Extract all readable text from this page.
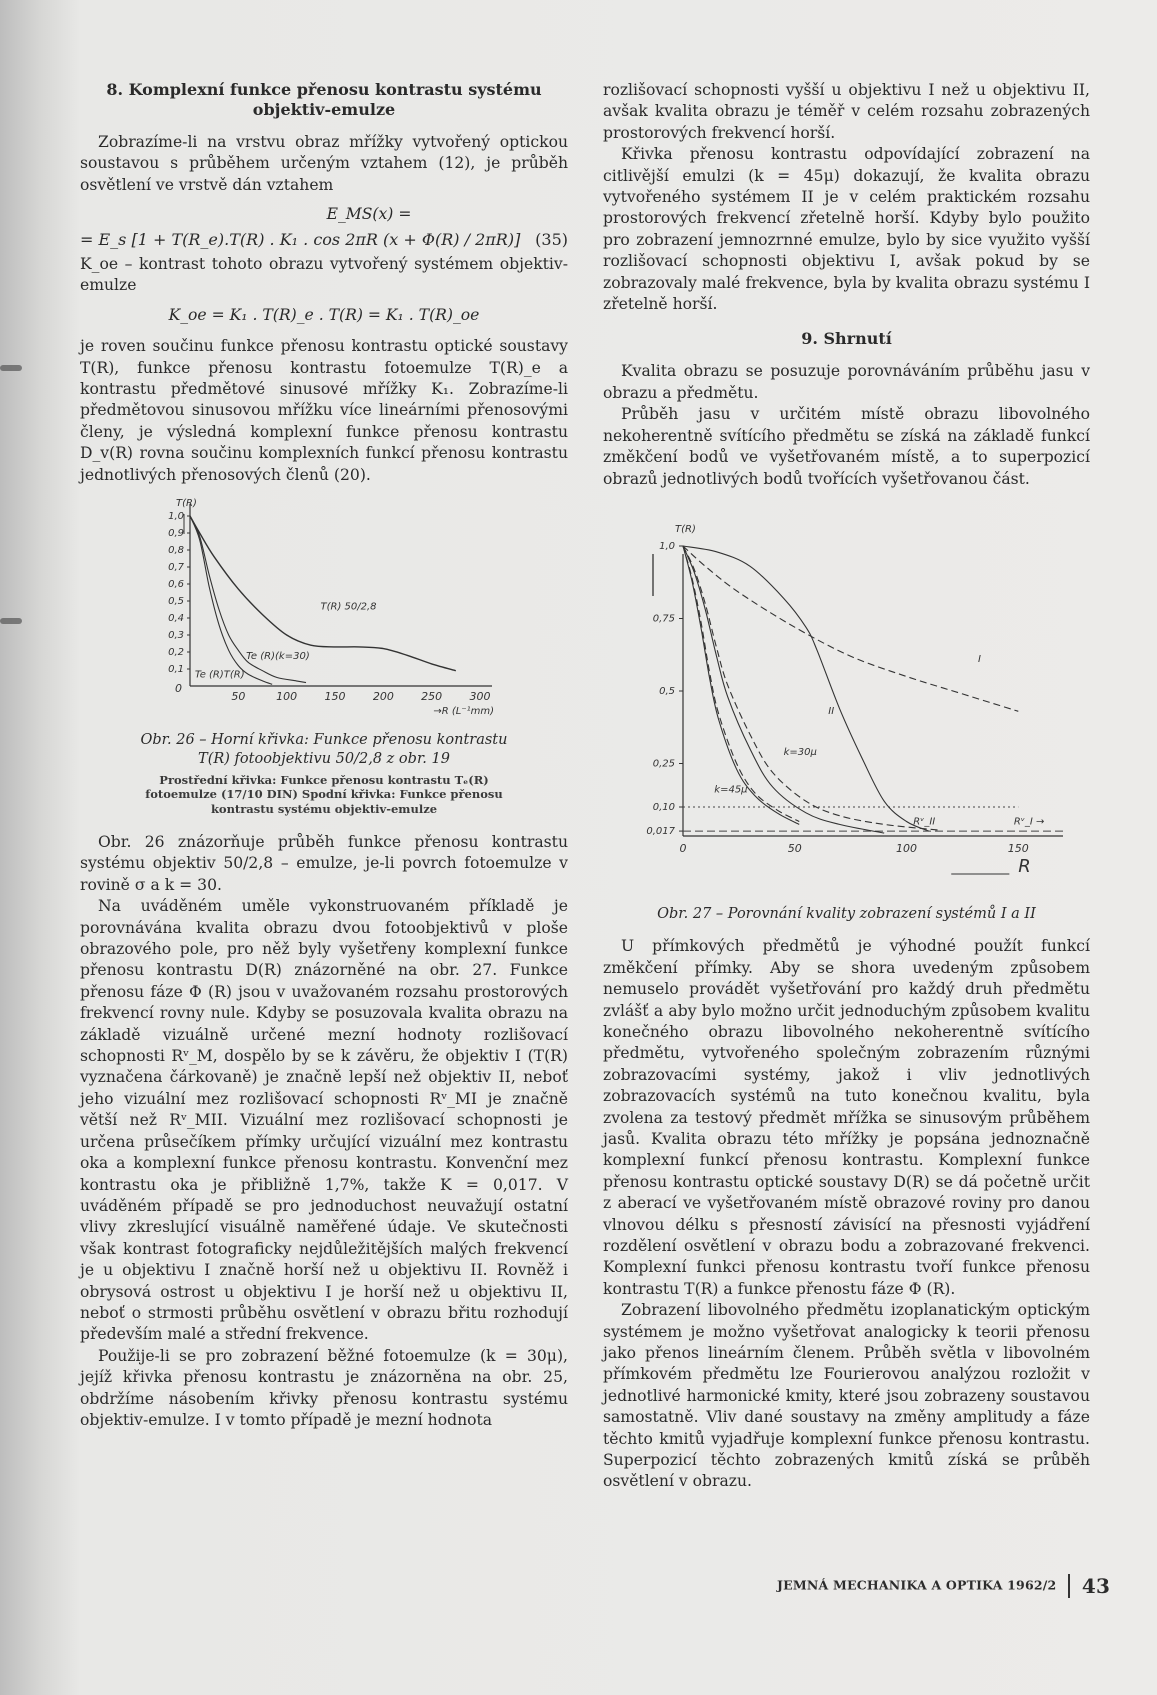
8. Komplexní funkce přenosu kontrastu systému objektiv-emulze

Zobrazíme-li na vrstvu obraz mřížky vytvořený optickou soustavou s průběhem určeným vztahem (12), je průběh osvětlení ve vrstvě dán vztahem

E_MS(x) =
= E_s [1 + T(R_e).T(R) . K₁ . cos 2πR (x + Φ(R) / 2πR)] (35)

K_oe – kontrast tohoto obrazu vytvořený systémem objektiv-emulze

K_oe = K₁ . T(R)_e . T(R) = K₁ . T(R)_oe

je roven součinu funkce přenosu kontrastu optické soustavy T(R), funkce přenosu kontrastu fotoemulze T(R)_e a kontrastu předmětové sinusové mřížky K₁. Zobrazíme-li předmětovou sinusovou mřížku více lineárními přenosovými členy, je výsledná komplexní funkce přenosu kontrastu D_v(R) rovna součinu komplexních funkcí přenosu kontrastu jednotlivých přenosových členů (20).

0,1
0,2
0,3
0,4
0,5
0,6
0,7
0,8
0,9
1,0
0
50	100 150 200 250 300
T(R)
→R (L⁻¹mm)
T(R) 50/2,8
Te (R)(k=30)
Te (R)T(R)
Obr. 26 – Horní křivka: Funkce přenosu kontrastu T(R) fotoobjektivu 50/2,8 z obr. 19
Prostřední křivka: Funkce přenosu kontrastu Tₑ(R) fotoemulze (17/10 DIN) Spodní křivka: Funkce přenosu kontrastu systému objektiv-emulze

Obr. 26 znázorňuje průběh funkce přenosu kontrastu systému objektiv 50/2,8 – emulze, je-li povrch fotoemulze v rovině σ a k = 30.

Na uváděném uměle vykonstruovaném příkladě je porovnávána kvalita obrazu dvou fotoobjektivů v ploše obrazového pole, pro něž byly vyšetřeny komplexní funkce přenosu kontrastu D(R) znázorněné na obr. 27. Funkce přenosu fáze Φ (R) jsou v uvažovaném rozsahu prostorových frekvencí rovny nule. Kdyby se posuzovala kvalita obrazu na základě vizuálně určené mezní hodnoty rozlišovací schopnosti Rᵛ_M, dospělo by se k závěru, že objektiv I (T(R) vyznačena čárkovaně) je značně lepší než objektiv II, neboť jeho vizuální mez rozlišovací schopnosti Rᵛ_MI je značně větší než Rᵛ_MII. Vizuální mez rozlišovací schopnosti je určena průsečíkem přímky určující vizuální mez kontrastu oka a komplexní funkce přenosu kontrastu. Konvenční mez kontrastu oka je přibližně 1,7%, takže K = 0,017. V uváděném případě se pro jednoduchost neuvažují ostatní vlivy zkreslující visuálně naměřené údaje. Ve skutečnosti však kontrast fotograficky nejdůležitějších malých frekvencí je u objektivu I značně horší než u objektivu II. Rovněž i obrysová ostrost u objektivu I je horší než u objektivu II, neboť o strmosti průběhu osvětlení v obrazu břitu rozhodují především malé a střední frekvence.

Použije-li se pro zobrazení běžné fotoemulze (k = 30μ), jejíž křivka přenosu kontrastu je znázorněna na obr. 25, obdržíme násobením křivky přenosu kontrastu systému objektiv-emulze. I v tomto případě je mezní hodnota

rozlišovací schopnosti vyšší u objektivu I než u objektivu II, avšak kvalita obrazu je téměř v celém rozsahu zobrazených prostorových frekvencí horší.

Křivka přenosu kontrastu odpovídající zobrazení na citlivější emulzi (k = 45μ) dokazují, že kvalita obrazu vytvořeného systémem II je v celém praktickém rozsahu prostorových frekvencí zřetelně horší. Kdyby bylo použito pro zobrazení jemnozrnné emulze, bylo by sice využito vyšší rozlišovací schopnosti objektivu I, avšak pokud by se zobrazovaly malé frekvence, byla by kvalita obrazu systému I zřetelně horší.

9. Shrnutí

Kvalita obrazu se posuzuje porovnáváním průběhu jasu v obrazu a předmětu.

Průběh jasu v určitém místě obrazu libovolného nekoherentně svítícího předmětu se získá na základě funkcí změkčení bodů ve vyšetřovaném místě, a to superpozicí obrazů jednotlivých bodů tvořících vyšetřovanou část.

0,017
0,10
0,25
0,5
0,75
1,0
0	50	100	150
T(R)
R
I
II
k=30μ
k=45μ
Rᵛ_II	Rᵛ_I →
Obr. 27 – Porovnání kvality zobrazení systémů I a II

U přímkových předmětů je výhodné použít funkcí změkčení přímky. Aby se shora uvedeným způsobem nemuselo provádět vyšetřování pro každý druh předmětu zvlášť a aby bylo možno určit jednoduchým způsobem kvalitu konečného obrazu libovolného nekoherentně svítícího předmětu, vytvořeného společným zobrazením různými zobrazovacími systémy, jakož i vliv jednotlivých zobrazovacích systémů na tuto konečnou kvalitu, byla zvolena za testový předmět mřížka se sinusovým průběhem jasů. Kvalita obrazu této mřížky je popsána jednoznačně komplexní funkcí přenosu kontrastu. Komplexní funkce přenosu kontrastu optické soustavy D(R) se dá početně určit z aberací ve vyšetřovaném místě obrazové roviny pro danou vlnovou délku s přesností závisící na přesnosti vyjádření rozdělení osvětlení v obrazu bodu a zobrazované frekvenci. Komplexní funkci přenosu kontrastu tvoří funkce přenosu kontrastu T(R) a funkce přenostu fáze Φ (R).

Zobrazení libovolného předmětu izoplanatickým optickým systémem je možno vyšetřovat analogicky k teorii přenosu jako přenos lineárním členem. Průběh světla v libovolném přímkovém předmětu lze Fourierovou analýzou rozložit v jednotlivé harmonické kmity, které jsou zobrazeny soustavou samostatně. Vliv dané soustavy na změny amplitudy a fáze těchto kmitů vyjadřuje komplexní funkce přenosu kontrastu. Superpozicí těchto zobrazených kmitů získá se průběh osvětlení v obrazu.

JEMNÁ MECHANIKA A OPTIKA 1962/2 43
